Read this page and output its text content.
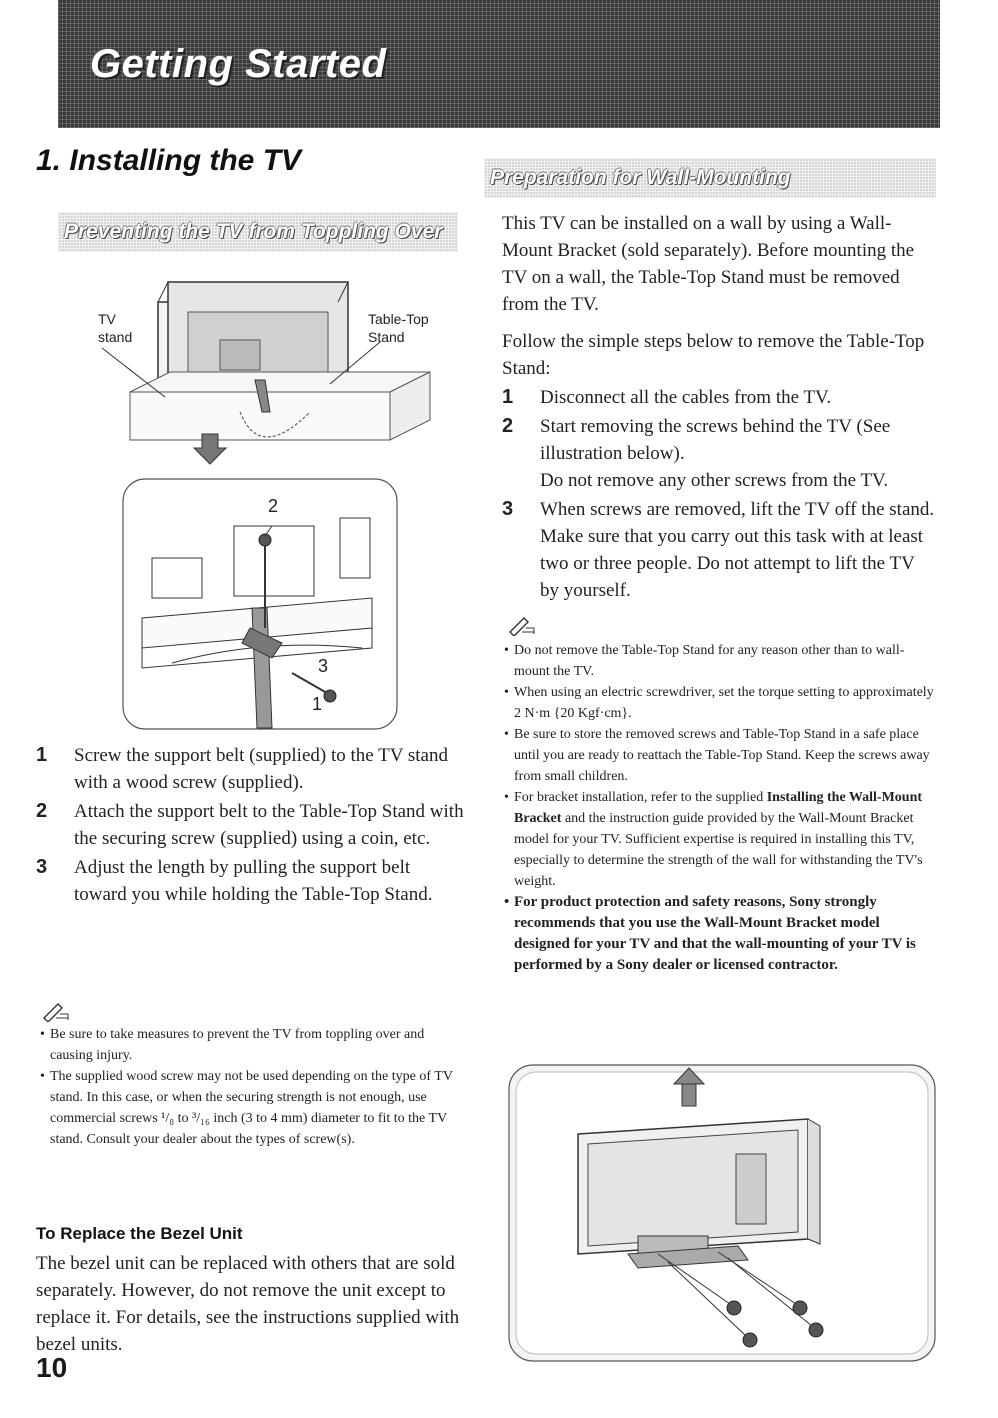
Getting Started
1. Installing the TV
Preventing the TV from Toppling Over
TV
stand
Table-Top
Stand
2
3
1
1 Screw the support belt (supplied) to the TV stand with a wood screw (supplied).
2 Attach the support belt to the Table-Top Stand with the securing screw (supplied) using a coin, etc.
3 Adjust the length by pulling the support belt toward you while holding the Table-Top Stand.
• Be sure to take measures to prevent the TV from toppling over and causing injury.
• The supplied wood screw may not be used depending on the type of TV stand. In this case, or when the securing strength is not enough, use commercial screws ¹/₈ to ³/₁₆ inch (3 to 4 mm) diameter to fit to the TV stand. Consult your dealer about the types of screw(s).
To Replace the Bezel Unit
The bezel unit can be replaced with others that are sold separately. However, do not remove the unit except to replace it. For details, see the instructions supplied with bezel units.
10
Preparation for Wall-Mounting
This TV can be installed on a wall by using a Wall-Mount Bracket (sold separately). Before mounting the TV on a wall, the Table-Top Stand must be removed from the TV.
Follow the simple steps below to remove the Table-Top Stand:
1 Disconnect all the cables from the TV.
2 Start removing the screws behind the TV (See illustration below).
Do not remove any other screws from the TV.
3 When screws are removed, lift the TV off the stand. Make sure that you carry out this task with at least two or three people. Do not attempt to lift the TV by yourself.
• Do not remove the Table-Top Stand for any reason other than to wall-mount the TV.
• When using an electric screwdriver, set the torque setting to approximately 2 N·m {20 Kgf·cm}.
• Be sure to store the removed screws and Table-Top Stand in a safe place until you are ready to reattach the Table-Top Stand. Keep the screws away from small children.
• For bracket installation, refer to the supplied Installing the Wall-Mount Bracket and the instruction guide provided by the Wall-Mount Bracket model for your TV. Sufficient expertise is required in installing this TV, especially to determine the strength of the wall for withstanding the TV's weight.
• For product protection and safety reasons, Sony strongly recommends that you use the Wall-Mount Bracket model designed for your TV and that the wall-mounting of your TV is performed by a Sony dealer or licensed contractor.
